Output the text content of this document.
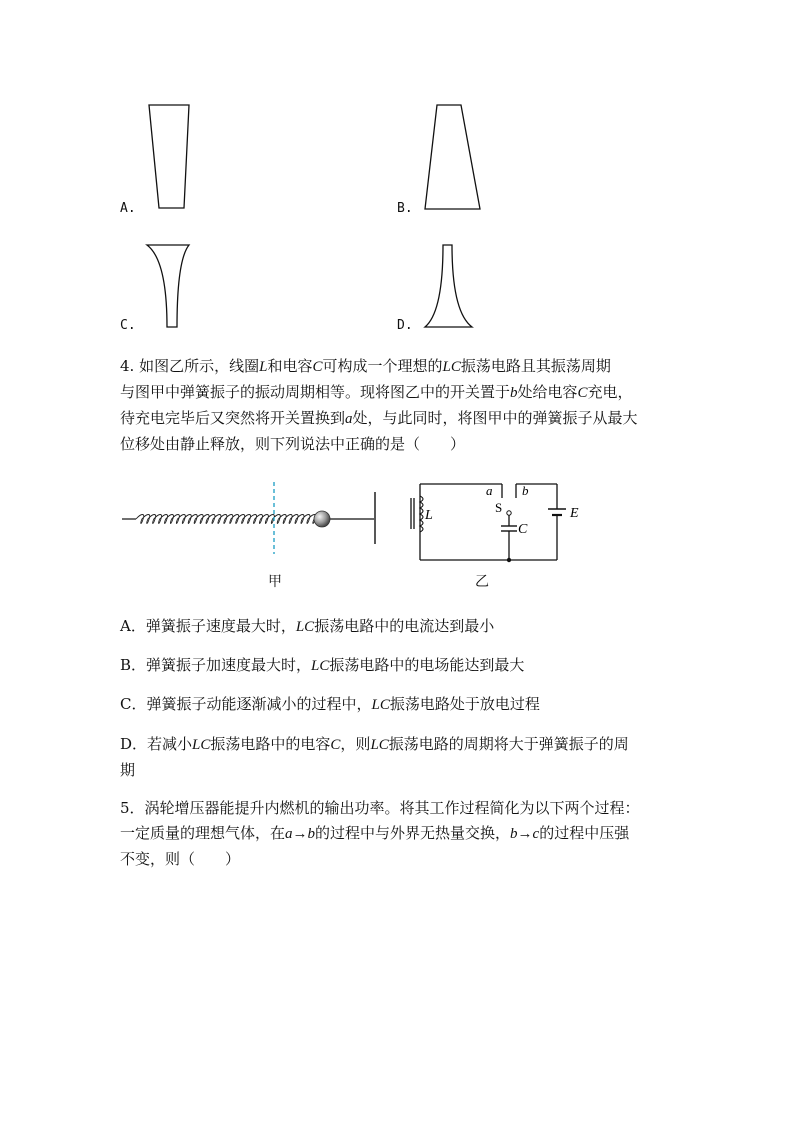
A.	B.
C.	D.
4. 如图乙所示，线圈L和电容C可构成一个理想的LC振荡电路且其振荡周期
与图甲中弹簧振子的振动周期相等。现将图乙中的开关置于b处给电容C充电，
待充电完毕后又突然将开关置换到a处，与此同时，将图甲中的弹簧振子从最大
位移处由静止释放，则下列说法中正确的是（　　）
甲
L
a b
S
C
E
乙
A．弹簧振子速度最大时，LC振荡电路中的电流达到最小
B．弹簧振子加速度最大时，LC振荡电路中的电场能达到最大
C．弹簧振子动能逐渐减小的过程中，LC振荡电路处于放电过程
D．若减小LC振荡电路中的电容C，则LC振荡电路的周期将大于弹簧振子的周
期
5．涡轮增压器能提升内燃机的输出功率。将其工作过程简化为以下两个过程：
一定质量的理想气体，在a→b的过程中与外界无热量交换，b→c的过程中压强
不变，则（　　）
